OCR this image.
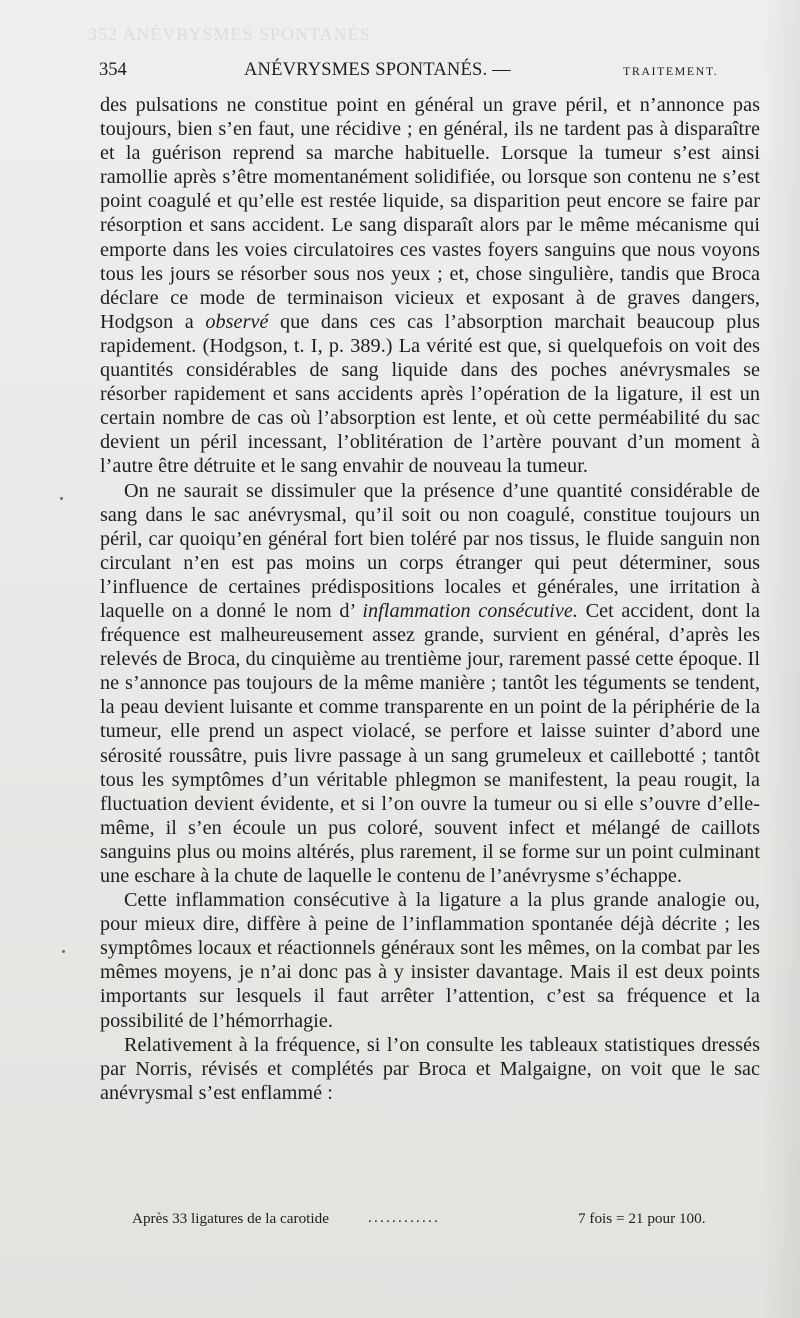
352 ANÉVRYSMES SPONTANÉS
354	ANÉVRYSMES SPONTANÉS. —	TRAITEMENT.

des pulsations ne constitue point en général un grave péril, et n’annonce pas toujours, bien s’en faut, une récidive ; en général, ils ne tardent pas à disparaître et la guérison reprend sa marche habituelle. Lorsque la tumeur s’est ainsi ramollie après s’être momentanément solidifiée, ou lorsque son contenu ne s’est point coagulé et qu’elle est restée liquide, sa disparition peut encore se faire par résorption et sans accident. Le sang disparaît alors par le même mécanisme qui emporte dans les voies circulatoires ces vastes foyers sanguins que nous voyons tous les jours se résorber sous nos yeux ; et, chose singulière, tandis que Broca déclare ce mode de terminaison vicieux et exposant à de graves dangers, Hodgson a observé que dans ces cas l’absorption marchait beaucoup plus rapidement. (Hodgson, t. I, p. 389.) La vérité est que, si quelquefois on voit des quantités considérables de sang liquide dans des poches anévrysmales se résorber rapidement et sans accidents après l’opération de la ligature, il est un certain nombre de cas où l’absorption est lente, et où cette perméabilité du sac devient un péril incessant, l’oblitération de l’artère pouvant d’un moment à l’autre être détruite et le sang envahir de nouveau la tumeur.

On ne saurait se dissimuler que la présence d’une quantité considérable de sang dans le sac anévrysmal, qu’il soit ou non coagulé, constitue toujours un péril, car quoiqu’en général fort bien toléré par nos tissus, le fluide sanguin non circulant n’en est pas moins un corps étranger qui peut déterminer, sous l’influence de certaines prédispositions locales et générales, une irritation à laquelle on a donné le nom d’ inflammation consécutive. Cet accident, dont la fréquence est malheureusement assez grande, survient en général, d’après les relevés de Broca, du cinquième au trentième jour, rarement passé cette époque. Il ne s’annonce pas toujours de la même manière ; tantôt les téguments se tendent, la peau devient luisante et comme transparente en un point de la périphérie de la tumeur, elle prend un aspect violacé, se perfore et laisse suinter d’abord une sérosité roussâtre, puis livre passage à un sang grumeleux et caillebotté ; tantôt tous les symptômes d’un véritable phlegmon se manifestent, la peau rougit, la fluctuation devient évidente, et si l’on ouvre la tumeur ou si elle s’ouvre d’elle-même, il s’en écoule un pus coloré, souvent infect et mélangé de caillots sanguins plus ou moins altérés, plus rarement, il se forme sur un point culminant une eschare à la chute de laquelle le contenu de l’anévrysme s’échappe.

Cette inflammation consécutive à la ligature a la plus grande analogie ou, pour mieux dire, diffère à peine de l’inflammation spontanée déjà décrite ; les symptômes locaux et réactionnels généraux sont les mêmes, on la combat par les mêmes moyens, je n’ai donc pas à y insister davantage. Mais il est deux points importants sur lesquels il faut arrêter l’attention, c’est sa fréquence et la possibilité de l’hémorrhagie.

Relativement à la fréquence, si l’on consulte les tableaux statistiques dressés par Norris, révisés et complétés par Broca et Malgaigne, on voit que le sac anévrysmal s’est enflammé :

Après 33 ligatures de la carotide	............	7 fois = 21 pour 100.
